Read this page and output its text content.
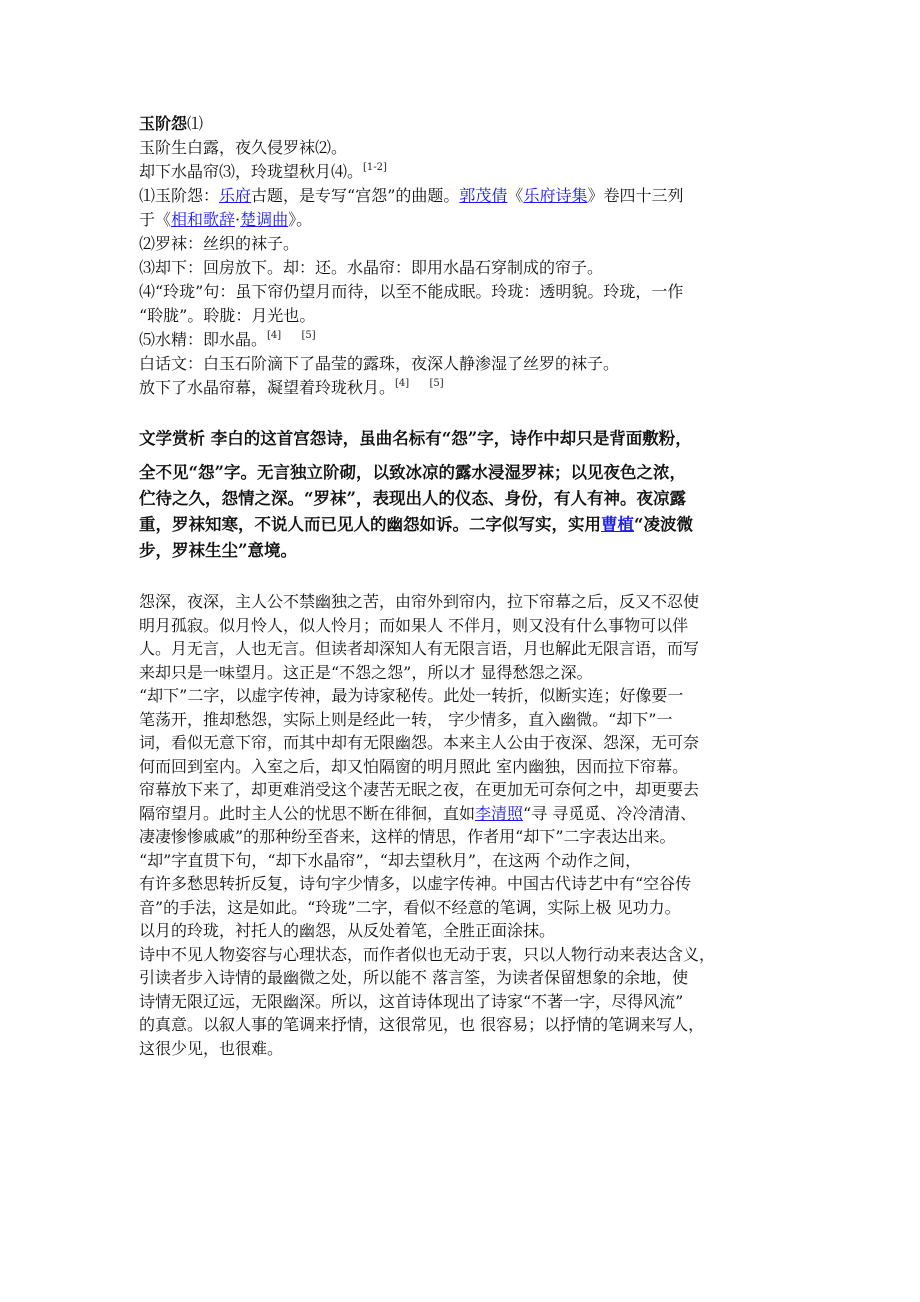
玉阶怨⑴
玉阶生白露，夜久侵罗袜⑵。
却下水晶帘⑶，玲珑望秋月⑷。[1-2]
⑴玉阶怨：乐府古题，是专写“宫怨”的曲题。郭茂倩《乐府诗集》卷四十三列
于《相和歌辞·楚调曲》。
⑵罗袜：丝织的袜子。
⑶却下：回房放下。却：还。水晶帘：即用水晶石穿制成的帘子。
⑷“玲珑”句：虽下帘仍望月而待，以至不能成眠。玲珑：透明貌。玲珑，一作
“聆胧”。聆胧：月光也。
⑸水精：即水晶。[4] [5]
白话文：白玉石阶滴下了晶莹的露珠，夜深人静渗湿了丝罗的袜子。
放下了水晶帘幕，凝望着玲珑秋月。[4] [5]
文学赏析 李白的这首宫怨诗，虽曲名标有“怨”字，诗作中却只是背面敷粉，
全不见“怨”字。无言独立阶砌，以致冰凉的露水浸湿罗袜；以见夜色之浓，
伫待之久，怨情之深。“罗袜”，表现出人的仪态、身份，有人有神。夜凉露
重，罗袜知寒，不说人而已见人的幽怨如诉。二字似写实，实用曹植“凌波微
步，罗袜生尘”意境。
怨深，夜深，主人公不禁幽独之苦，由帘外到帘内，拉下帘幕之后，反又不忍使
明月孤寂。似月怜人，似人怜月；而如果人 不伴月，则又没有什么事物可以伴
人。月无言，人也无言。但读者却深知人有无限言语，月也解此无限言语，而写
来却只是一味望月。这正是“不怨之怨”，所以才 显得愁怨之深。
“却下”二字，以虚字传神，最为诗家秘传。此处一转折，似断实连；好像要一
笔荡开，推却愁怨，实际上则是经此一转， 字少情多，直入幽微。“却下”一
词，看似无意下帘，而其中却有无限幽怨。本来主人公由于夜深、怨深，无可奈
何而回到室内。入室之后，却又怕隔窗的明月照此 室内幽独，因而拉下帘幕。
帘幕放下来了，却更难消受这个凄苦无眠之夜，在更加无可奈何之中，却更要去
隔帘望月。此时主人公的忧思不断在徘徊，直如李清照“寻 寻觅觅、冷冷清清、
凄凄惨惨戚戚”的那种纷至沓来，这样的情思，作者用“却下”二字表达出来。
“却”字直贯下句，“却下水晶帘”，“却去望秋月”，在这两 个动作之间，
有许多愁思转折反复，诗句字少情多，以虚字传神。中国古代诗艺中有“空谷传
音”的手法，这是如此。“玲珑”二字，看似不经意的笔调，实际上极 见功力。
以月的玲珑，衬托人的幽怨，从反处着笔，全胜正面涂抹。
诗中不见人物姿容与心理状态，而作者似也无动于衷，只以人物行动来表达含义，
引读者步入诗情的最幽微之处，所以能不 落言筌，为读者保留想象的余地，使
诗情无限辽远，无限幽深。所以，这首诗体现出了诗家“不著一字，尽得风流”
的真意。以叙人事的笔调来抒情，这很常见，也 很容易；以抒情的笔调来写人，
这很少见，也很难。
